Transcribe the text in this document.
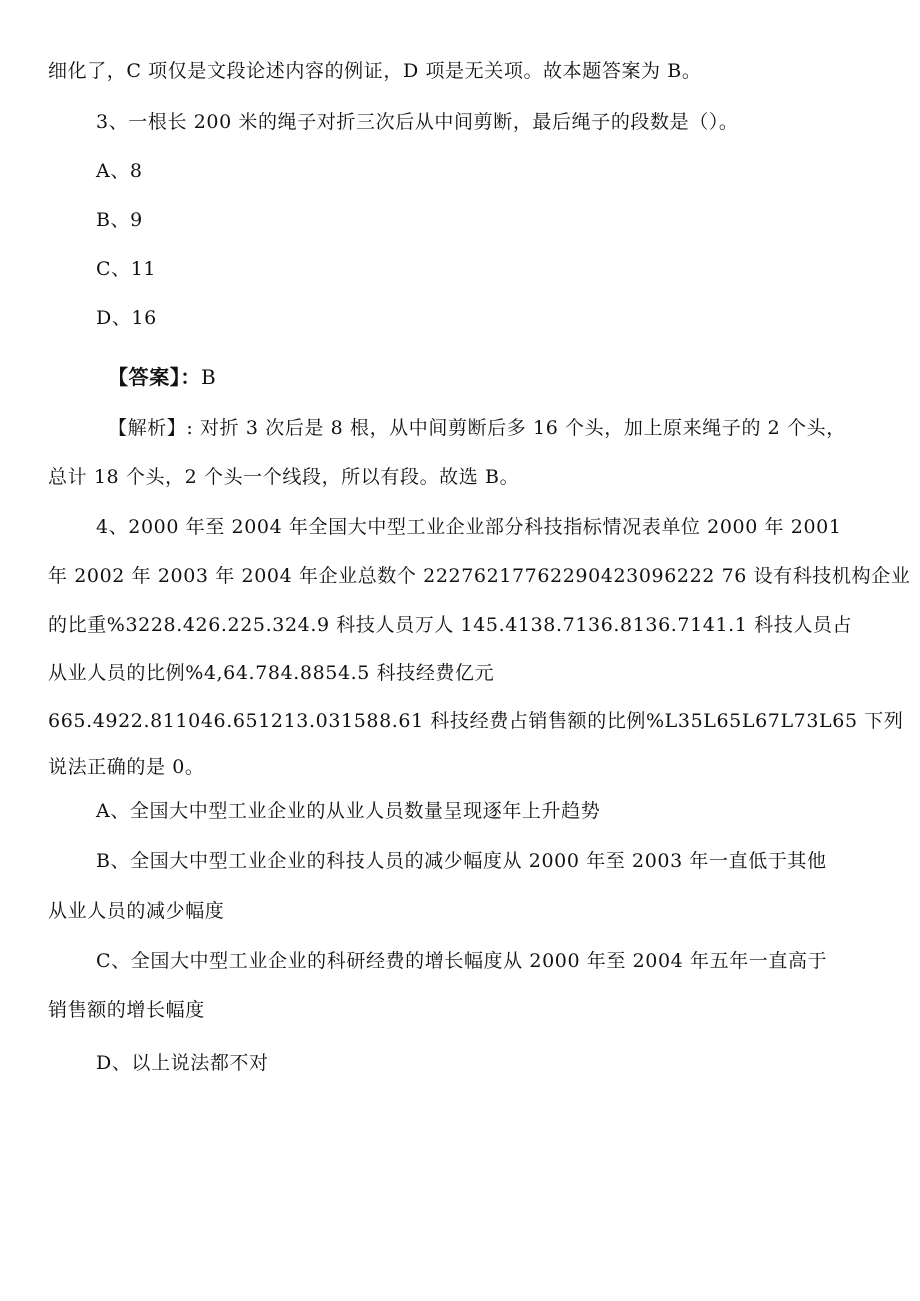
细化了，C 项仅是文段论述内容的例证，D 项是无关项。故本题答案为 B。
3、一根长 200 米的绳子对折三次后从中间剪断，最后绳子的段数是（）。
A、8
B、9
C、11
D、16
【答案】：B
【解析】: 对折 3 次后是 8 根，从中间剪断后多 16 个头，加上原来绳子的 2 个头，
总计 18 个头，2 个头一个线段，所以有段。故选 B。
4、2000 年至 2004 年全国大中型工业企业部分科技指标情况表单位 2000 年 2001
年 2002 年 2003 年 2004 年企业总数个 22276217762290423096222 76 设有科技机构企业
的比重%3228.426.225.324.9 科技人员万人 145.4138.7136.8136.7141.1 科技人员占
从业人员的比例%4,64.784.8854.5 科技经费亿元
665.4922.811046.651213.031588.61 科技经费占销售额的比例%L35L65L67L73L65 下列
说法正确的是 0。
A、全国大中型工业企业的从业人员数量呈现逐年上升趋势
B、全国大中型工业企业的科技人员的减少幅度从 2000 年至 2003 年一直低于其他
从业人员的减少幅度
C、全国大中型工业企业的科研经费的增长幅度从 2000 年至 2004 年五年一直高于
销售额的增长幅度
D、以上说法都不对
